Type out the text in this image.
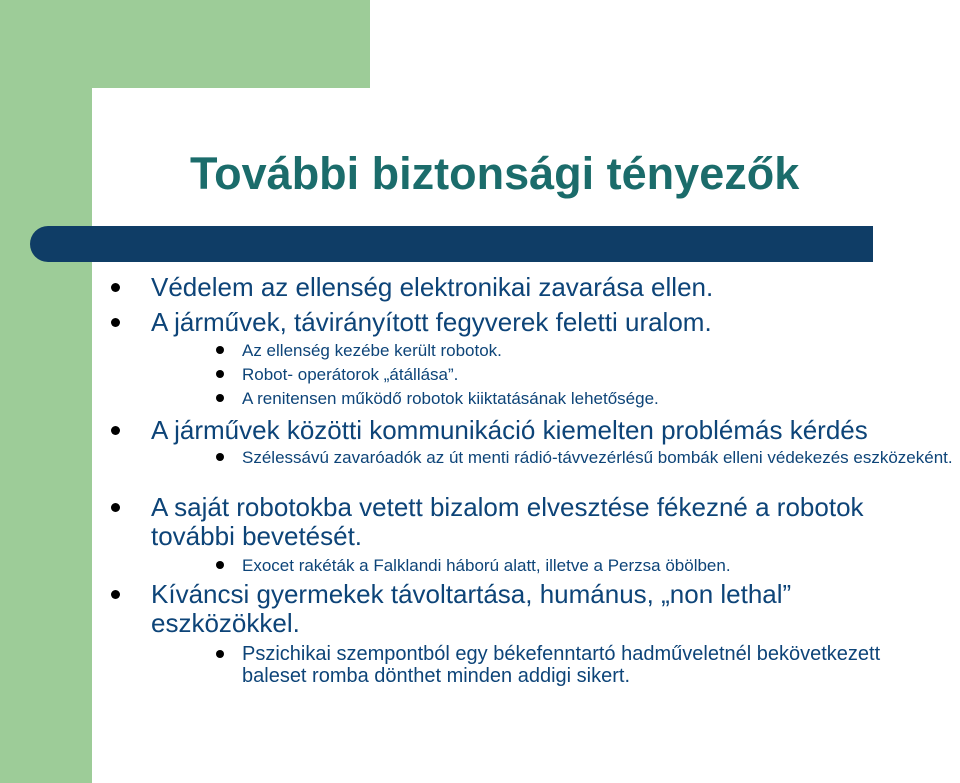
További biztonsági tényezők

Védelem az ellenség elektronikai zavarása ellen.

A járművek, távirányított fegyverek feletti uralom.

Az ellenség kezébe került robotok.

Robot- operátorok „átállása”.

A renitensen működő robotok kiiktatásának lehetősége.

A járművek közötti kommunikáció kiemelten problémás kérdés

Szélessávú zavaróadók az út menti rádió-távvezérlésű bombák elleni védekezés eszközeként.

A saját robotokba vetett bizalom elvesztése fékezné a robotok további bevetését.

Exocet rakéták a Falklandi háború alatt, illetve a Perzsa öbölben.

Kíváncsi gyermekek távoltartása, humánus, „non lethal” eszközökkel.

Pszichikai szempontból egy békefenntartó hadműveletnél bekövetkezett baleset romba dönthet minden addigi sikert.
